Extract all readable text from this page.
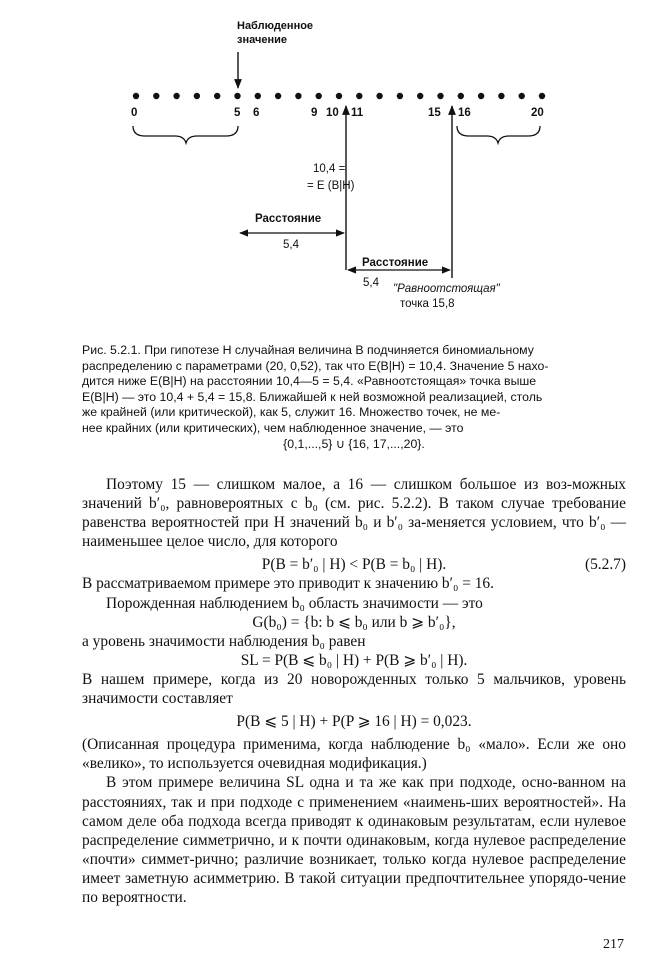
Наблюденное
значение
0	5 6	9 10 11	15 16	20
10,4 =
= E (B|H)
Расстояние
5,4
Расстояние
5,4 "Равноотстоящая"
точка 15,8

Рис. 5.2.1. При гипотезе H случайная величина B подчиняется биномиальному

распределению с параметрами (20, 0,52), так что E(B|H) = 10,4. Значение 5 нахо-

дится ниже E(B|H) на расстоянии 10,4—5 = 5,4. «Равноотстоящая» точка выше

E(B|H) — это 10,4 + 5,4 = 15,8. Ближайшей к ней возможной реализацией, столь

же крайней (или критической), как 5, служит 16. Множество точек, не ме-

нее крайних (или критических), чем наблюденное значение, — это

{0,1,...,5} ∪ {16, 17,...,20}.

Поэтому 15 — слишком малое, а 16 — слишком большое из воз-можных значений b′₀, равновероятных с b₀ (см. рис. 5.2.2). В таком случае требование равенства вероятностей при H значений b₀ и b′₀ за-меняется условием, что b′₀ — наименьшее целое число, для которого

P(B = b′₀ | H) < P(B = b₀ | H).	(5.2.7)

В рассматриваемом примере это приводит к значению b′₀ = 16.

Порожденная наблюдением b₀ область значимости — это

G(b₀) = {b: b ⩽ b₀ или b ⩾ b′₀},

а уровень значимости наблюдения b₀ равен

SL = P(B ⩽ b₀ | H) + P(B ⩾ b′₀ | H).

В нашем примере, когда из 20 новорожденных только 5 мальчиков, уровень значимости составляет

P(B ⩽ 5 | H) + P(P ⩾ 16 | H) = 0,023.

(Описанная процедура применима, когда наблюдение b₀ «мало». Если же оно «велико», то используется очевидная модификация.)

В этом примере величина SL одна и та же как при подходе, осно-ванном на расстояниях, так и при подходе с применением «наимень-ших вероятностей». На самом деле оба подхода всегда приводят к одинаковым результатам, если нулевое распределение симметрично, и к почти одинаковым, когда нулевое распределение «почти» симмет-рично; различие возникает, только когда нулевое распределение имеет заметную асимметрию. В такой ситуации предпочтительнее упорядо-чение по вероятности.

217
